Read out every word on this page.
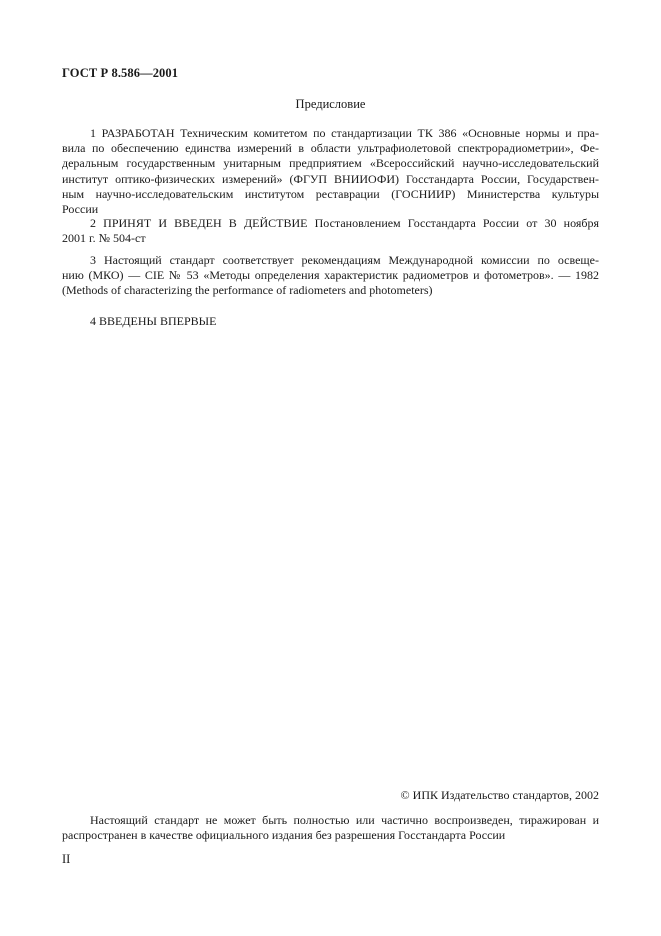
ГОСТ Р 8.586—2001
Предисловие
1 РАЗРАБОТАН Техническим комитетом по стандартизации ТК 386 «Основные нормы и пра-
вила по обеспечению единства измерений в области ультрафиолетовой спектрорадиометрии», Фе-
деральным государственным унитарным предприятием «Всероссийский научно-исследовательский
институт оптико-физических измерений» (ФГУП ВНИИОФИ) Госстандарта России, Государствен-
ным научно-исследовательским институтом реставрации (ГОСНИИР) Министерства культуры
России
2 ПРИНЯТ И ВВЕДЕН В ДЕЙСТВИЕ Постановлением Госстандарта России от 30 ноября
2001 г. № 504-ст
3 Настоящий стандарт соответствует рекомендациям Международной комиссии по освеще-
нию (МКО) — CIE № 53 «Методы определения характеристик радиометров и фотометров». — 1982
(Methods of characterizing the performance of radiometers and photometers)
4 ВВЕДЕНЫ ВПЕРВЫЕ
© ИПК Издательство стандартов, 2002
Настоящий стандарт не может быть полностью или частично воспроизведен, тиражирован и
распространен в качестве официального издания без разрешения Госстандарта России
II
